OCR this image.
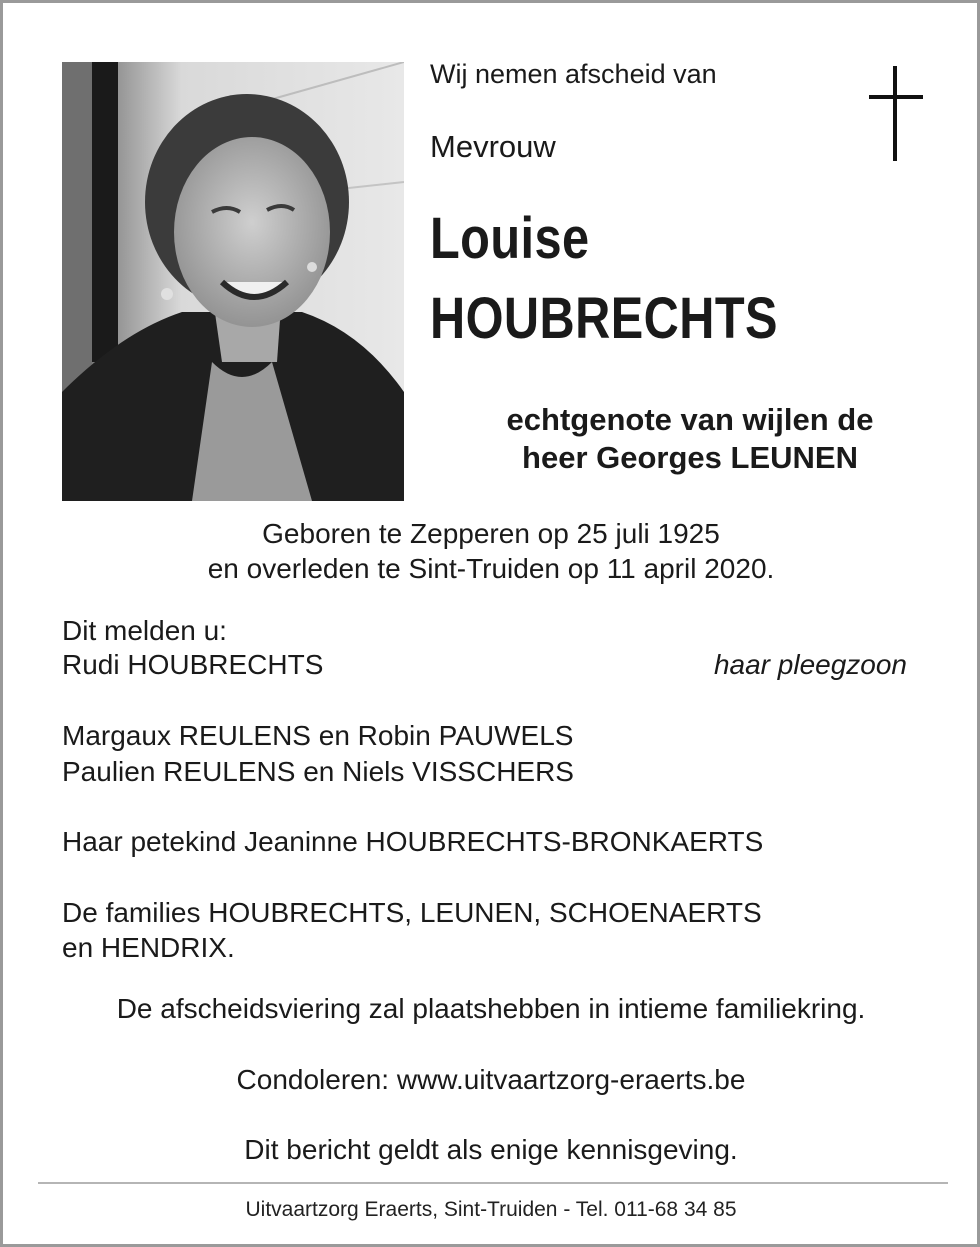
Wij nemen afscheid van
Mevrouw
Louise
HOUBRECHTS
echtgenote van wijlen de
heer Georges LEUNEN
Geboren te Zepperen op 25 juli 1925
en overleden te Sint-Truiden op 11 april 2020.
Dit melden u:
Rudi HOUBRECHTS	haar pleegzoon
Margaux REULENS en Robin PAUWELS
Paulien REULENS en Niels VISSCHERS
Haar petekind Jeaninne HOUBRECHTS-BRONKAERTS
De families HOUBRECHTS, LEUNEN, SCHOENAERTS
en HENDRIX.
De afscheidsviering zal plaatshebben in intieme familiekring.
Condoleren: www.uitvaartzorg-eraerts.be
Dit bericht geldt als enige kennisgeving.
Uitvaartzorg Eraerts, Sint-Truiden - Tel. 011-68 34 85
